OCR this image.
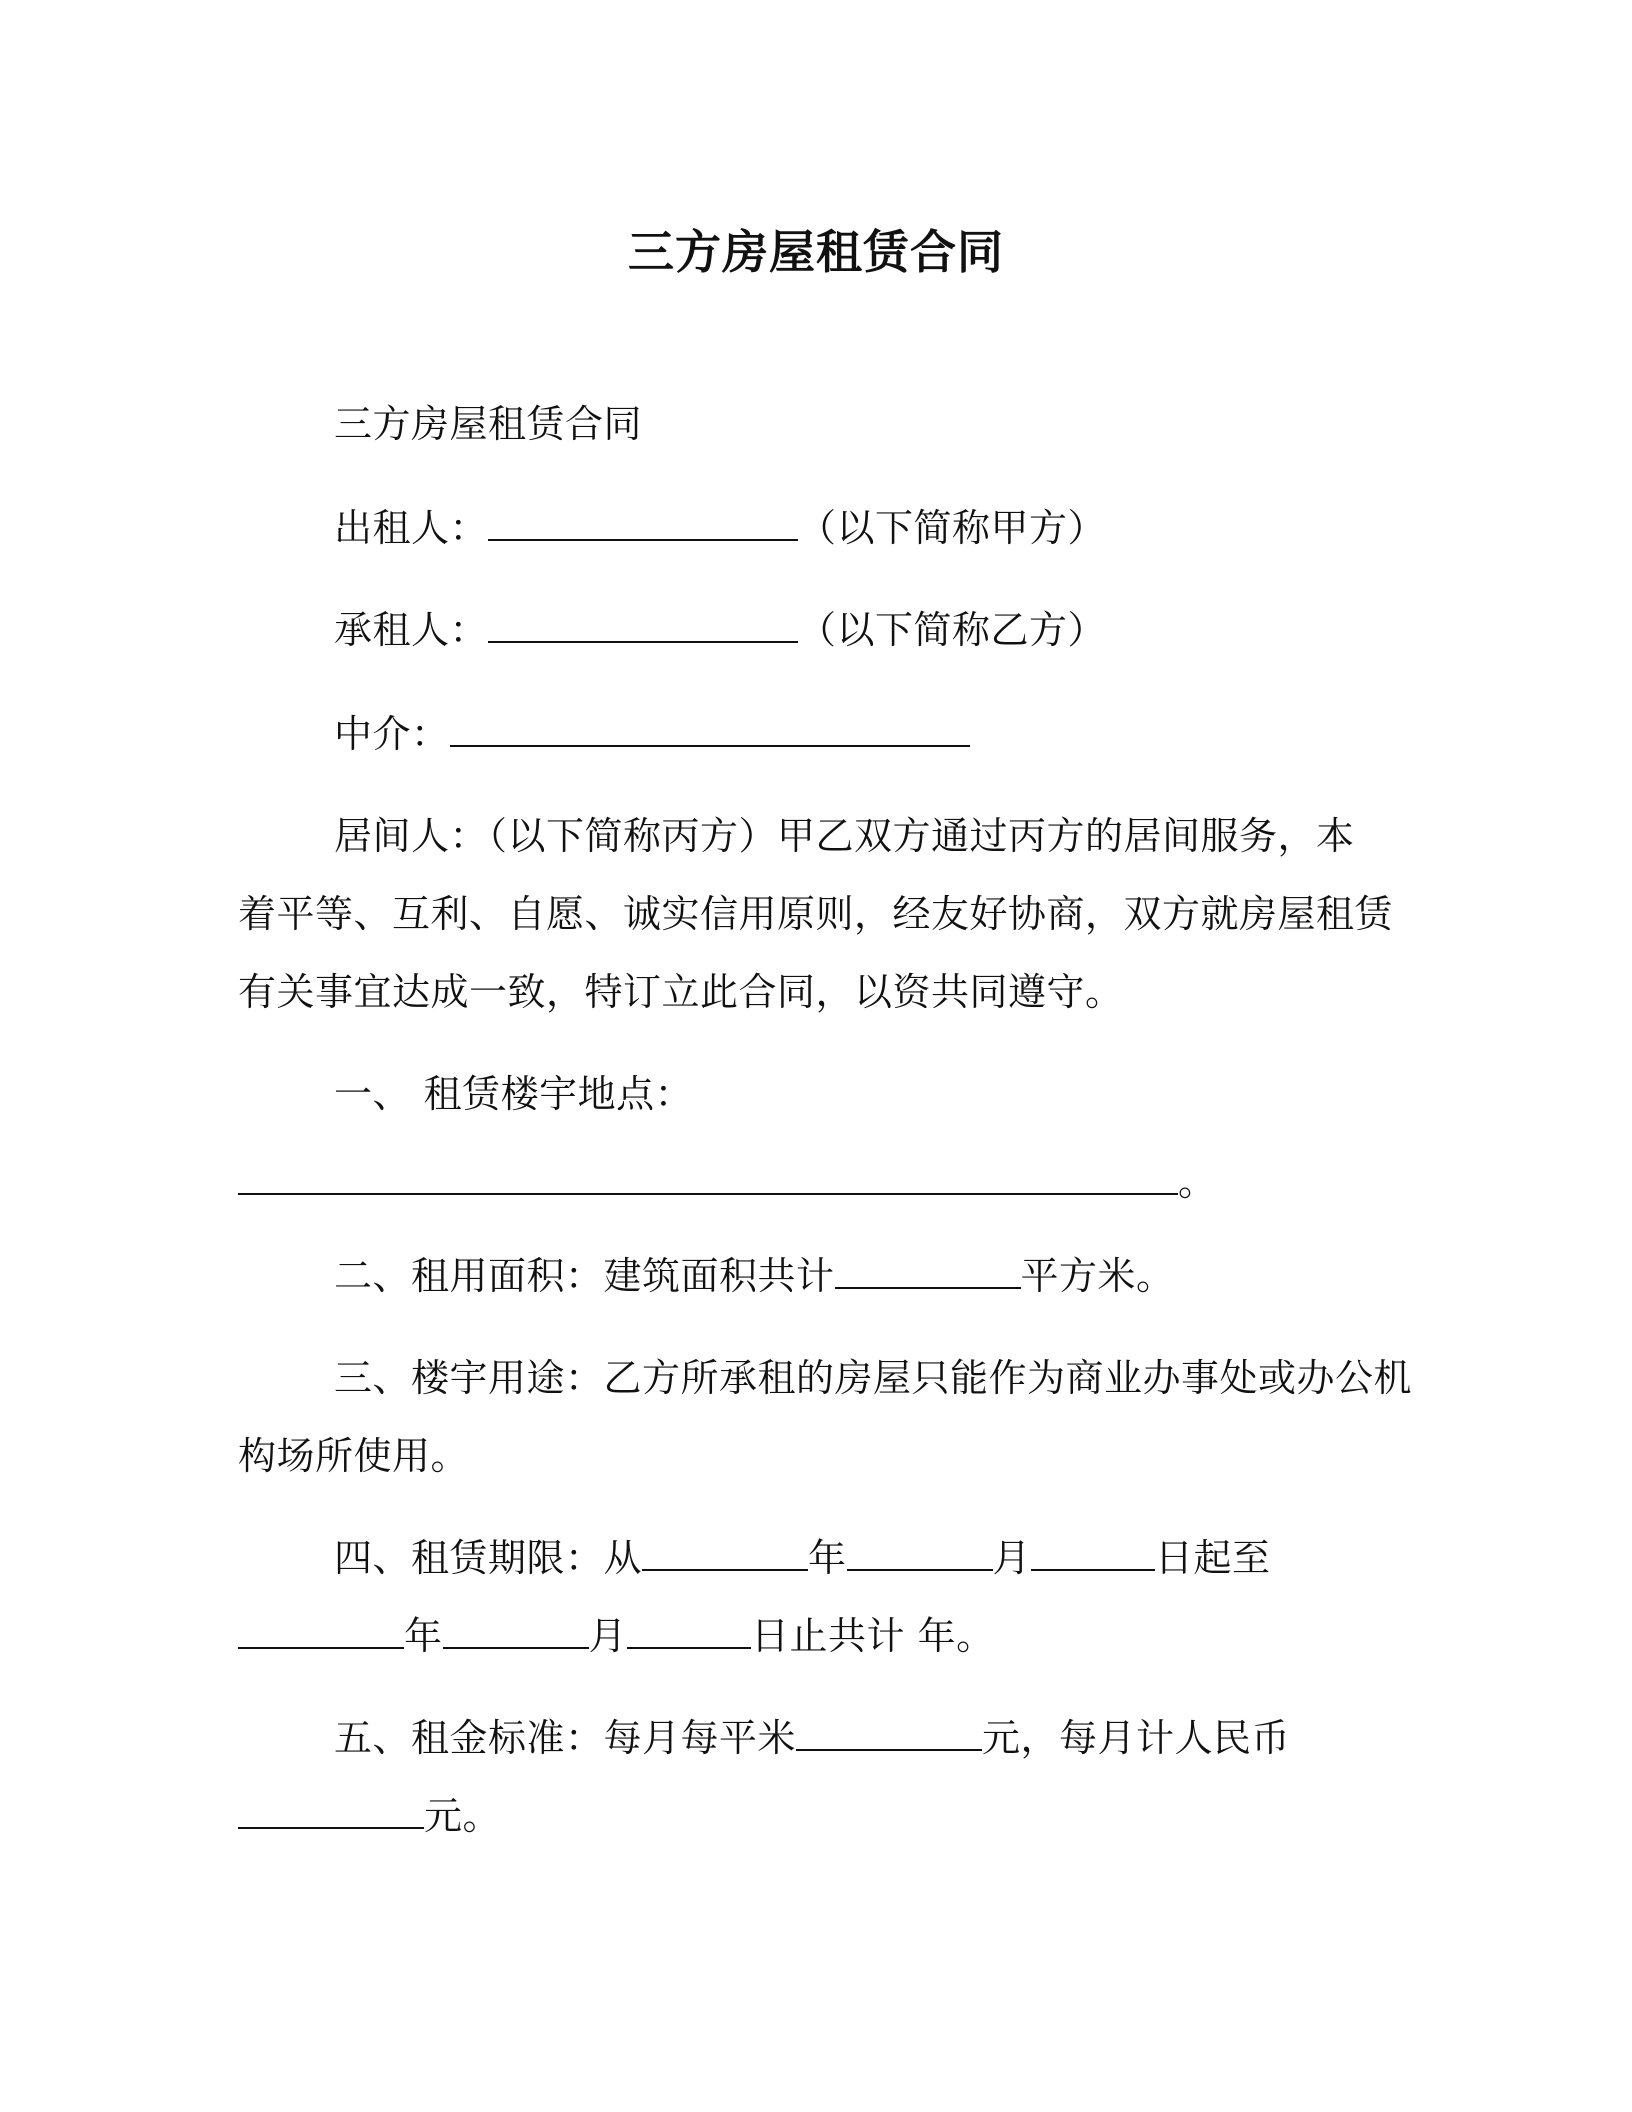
三方房屋租赁合同
三方房屋租赁合同
出租人：	（以下简称甲方）
承租人：	（以下简称乙方）
中介：
居间人：（以下简称丙方）甲乙双方通过丙方的居间服务，本
着平等、互利、自愿、诚实信用原则，经友好协商，双方就房屋租赁
有关事宜达成一致，特订立此合同，以资共同遵守。
一、 租赁楼宇地点：
。
二、租用面积：建筑面积共计	平方米。
三、楼宇用途：乙方所承租的房屋只能作为商业办事处或办公机
构场所使用。
四、租赁期限：从	年	月	日起至
年	月	日止共计 年。
五、租金标准：每月每平米	元，每月计人民币
元。
